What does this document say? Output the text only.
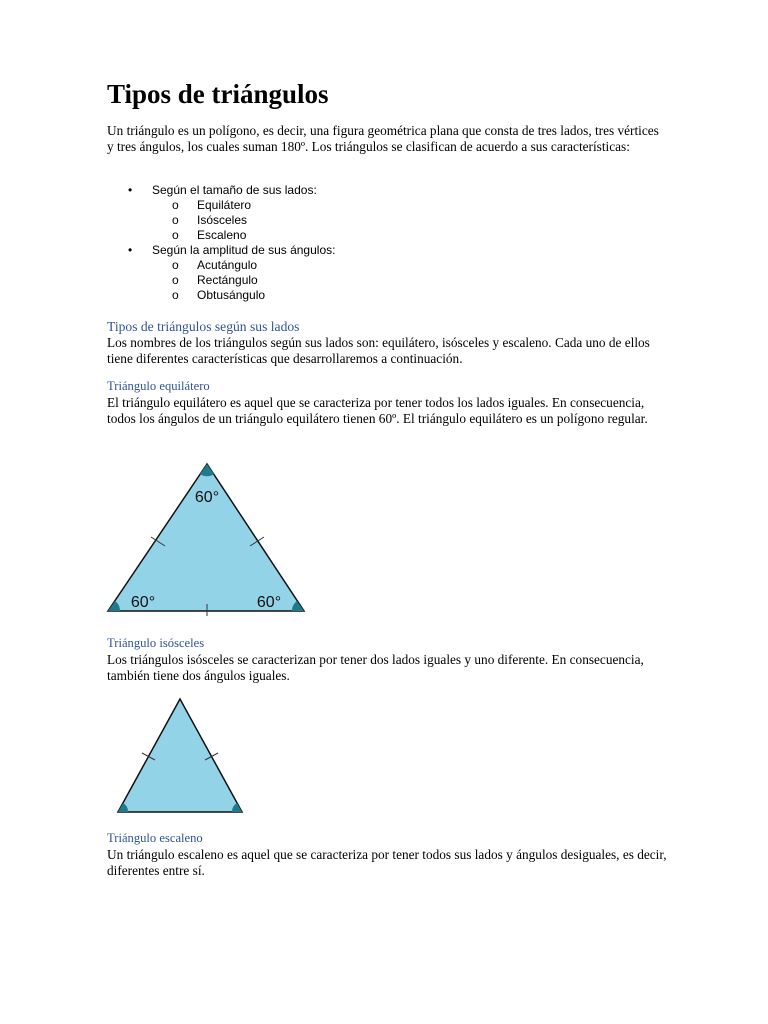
Tipos de triángulos

Un triángulo es un polígono, es decir, una figura geométrica plana que consta de tres lados, tres vértices y tres ángulos, los cuales suman 180º. Los triángulos se clasifican de acuerdo a sus características:

• Según el tamaño de sus lados:
o Equilátero
o Isósceles
o Escaleno
• Según la amplitud de sus ángulos:
o Acutángulo
o Rectángulo
o Obtusángulo

Tipos de triángulos según sus lados

Los nombres de los triángulos según sus lados son: equilátero, isósceles y escaleno. Cada uno de ellos tiene diferentes características que desarrollaremos a continuación.

Triángulo equilátero

El triángulo equilátero es aquel que se caracteriza por tener todos los lados iguales. En consecuencia, todos los ángulos de un triángulo equilátero tienen 60º. El triángulo equilátero es un polígono regular.

Triángulo isósceles

Los triángulos isósceles se caracterizan por tener dos lados iguales y uno diferente. En consecuencia, también tiene dos ángulos iguales.

Triángulo escaleno

Un triángulo escaleno es aquel que se caracteriza por tener todos sus lados y ángulos desiguales, es decir, diferentes entre sí.

60°
60°	60°
